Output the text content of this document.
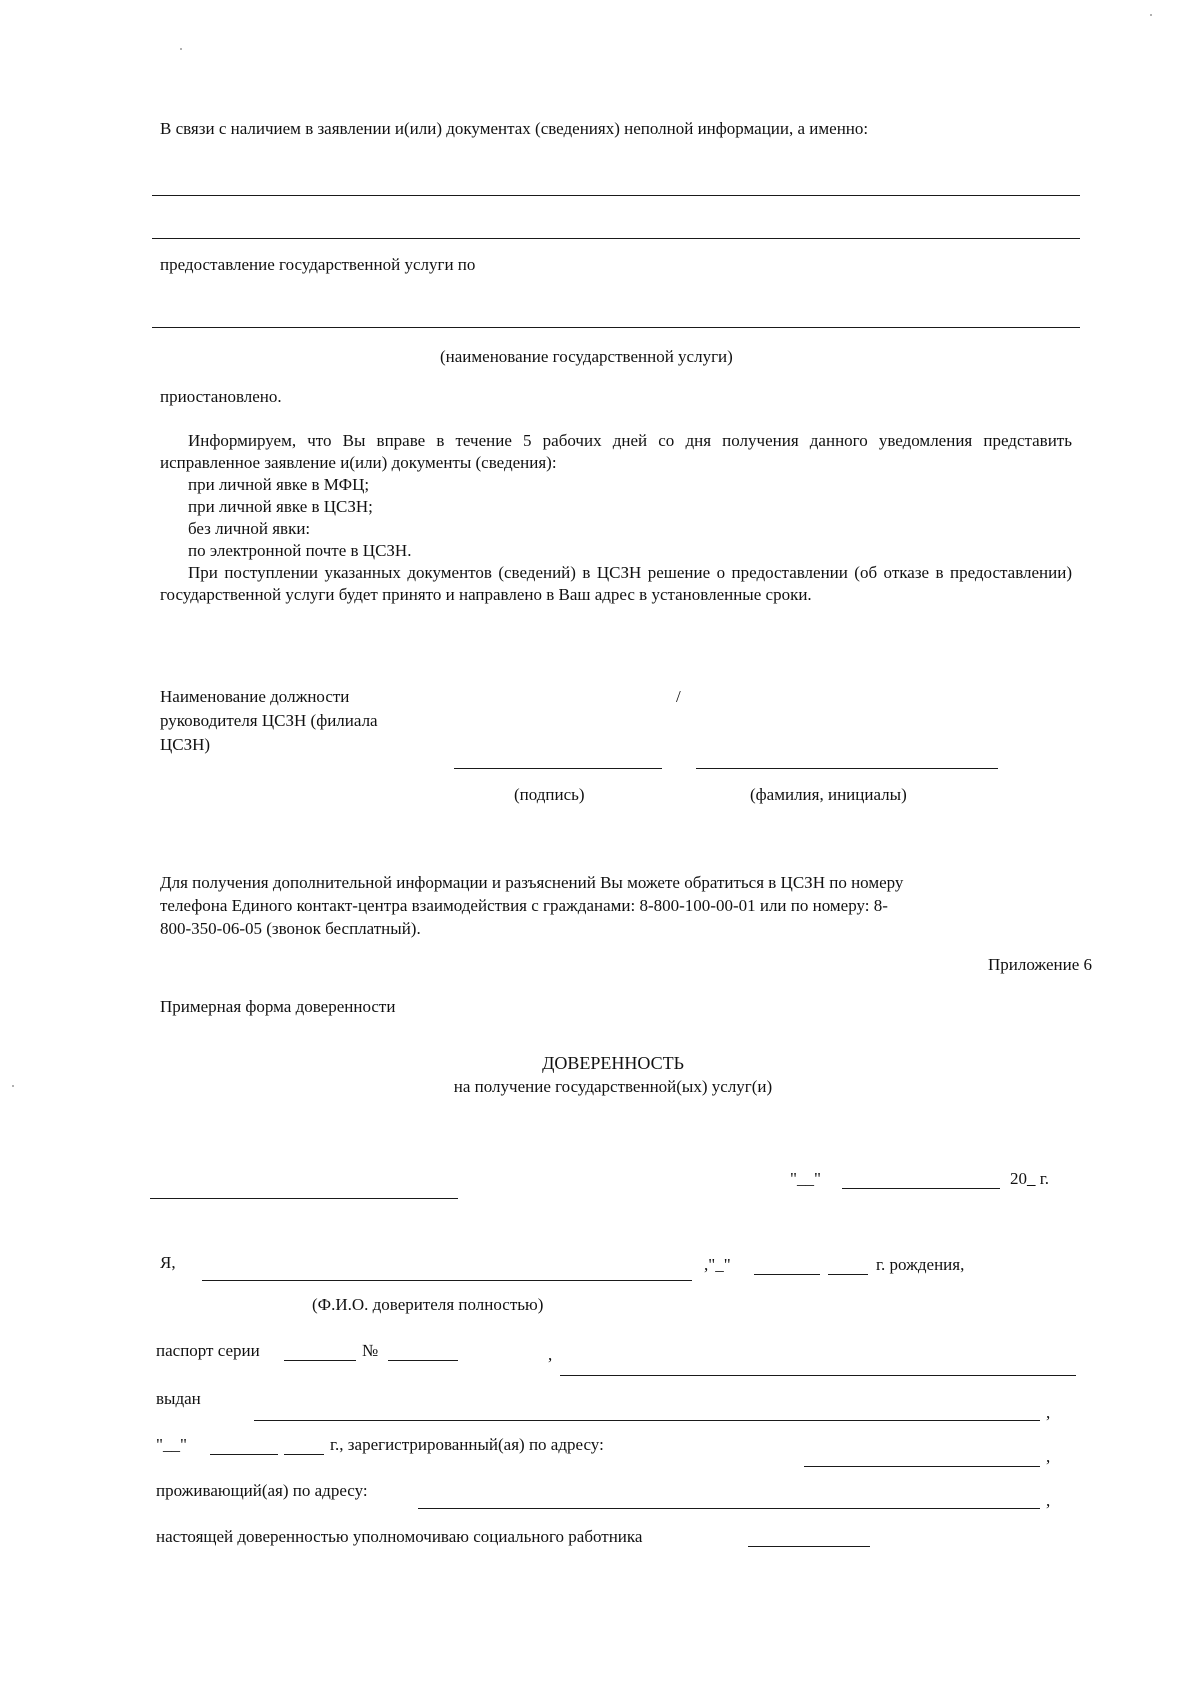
В связи с наличием в заявлении и(или) документах (сведениях) неполной информации, а именно:
предоставление государственной услуги по
(наименование государственной услуги)
приостановлено.
Информируем, что Вы вправе в течение 5 рабочих дней со дня получения данного уведомления представить исправленное заявление и(или) документы (сведения):
при личной явке в МФЦ;
при личной явке в ЦСЗН;
без личной явки:
по электронной почте в ЦСЗН.
При поступлении указанных документов (сведений) в ЦСЗН решение о предоставлении (об отказе в предоставлении) государственной услуги будет принято и направлено в Ваш адрес в установленные сроки.
Наименование должности
руководителя ЦСЗН (филиала
ЦСЗН)
/
(подпись)	(фамилия, инициалы)
Для получения дополнительной информации и разъяснений Вы можете обратиться в ЦСЗН по номеру
телефона Единого контакт-центра взаимодействия с гражданами: 8-800-100-00-01 или по номеру: 8-
800-350-06-05 (звонок бесплатный).
Приложение 6
Примерная форма доверенности
ДОВЕРЕННОСТЬ
на получение государственной(ых) услуг(и)
"__"	20_ г.
Я,	,"_"	г. рождения,
(Ф.И.О. доверителя полностью)
паспорт серии	№	,
выдан
,
"__"	г., зарегистрированный(ая) по адресу:
,
проживающий(ая) по адресу:
,
настоящей доверенностью уполномочиваю социального работника
